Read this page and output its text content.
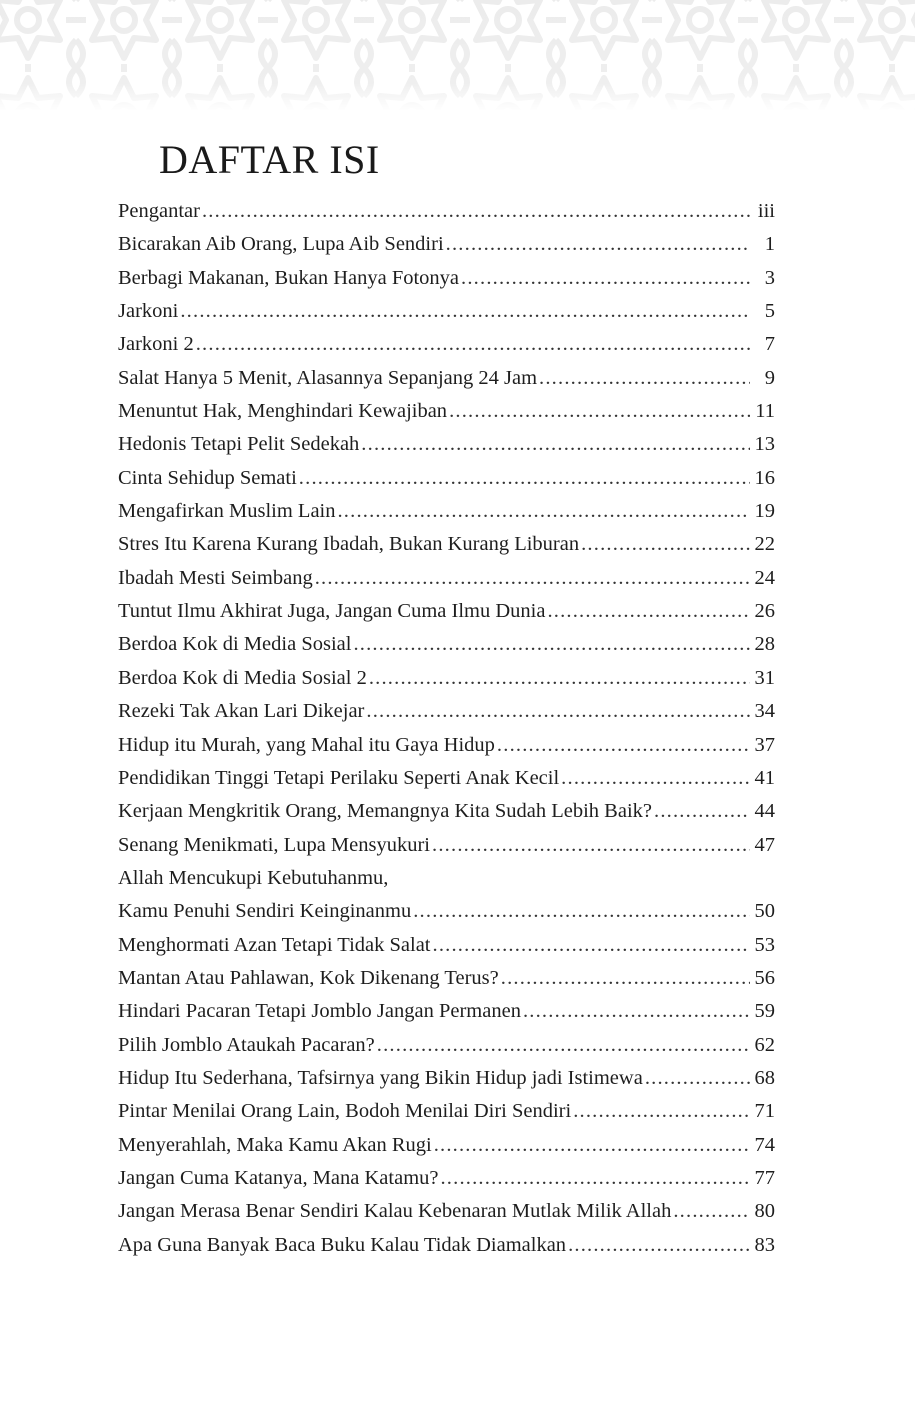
DAFTAR ISI
Pengantar .....	iii
Bicarakan Aib Orang, Lupa Aib Sendiri .....	1
Berbagi Makanan, Bukan Hanya Fotonya .....	3
Jarkoni .....	5
Jarkoni 2 .....	7
Salat Hanya 5 Menit, Alasannya Sepanjang 24 Jam .....	9
Menuntut Hak, Menghindari Kewajiban .....	11
Hedonis Tetapi Pelit Sedekah .....	13
Cinta Sehidup Semati .....	16
Mengafirkan Muslim Lain .....	19
Stres Itu Karena Kurang Ibadah, Bukan Kurang Liburan .....	22
Ibadah Mesti Seimbang .....	24
Tuntut Ilmu Akhirat Juga, Jangan Cuma Ilmu Dunia .....	26
Berdoa Kok di Media Sosial .....	28
Berdoa Kok di Media Sosial 2 .....	31
Rezeki Tak Akan Lari Dikejar .....	34
Hidup itu Murah, yang Mahal itu Gaya Hidup .....	37
Pendidikan Tinggi Tetapi Perilaku Seperti Anak Kecil .....	41
Kerjaan Mengkritik Orang, Memangnya Kita Sudah Lebih Baik? .....	44
Senang Menikmati, Lupa Mensyukuri .....	47
Allah Mencukupi Kebutuhanmu,
Kamu Penuhi Sendiri Keinginanmu .....	50
Menghormati Azan Tetapi Tidak Salat .....	53
Mantan Atau Pahlawan, Kok Dikenang Terus? .....	56
Hindari Pacaran Tetapi Jomblo Jangan Permanen .....	59
Pilih Jomblo Ataukah Pacaran? .....	62
Hidup Itu Sederhana, Tafsirnya yang Bikin Hidup jadi Istimewa .....	68
Pintar Menilai Orang Lain, Bodoh Menilai Diri Sendiri .....	71
Menyerahlah, Maka Kamu Akan Rugi .....	74
Jangan Cuma Katanya, Mana Katamu? .....	77
Jangan Merasa Benar Sendiri Kalau Kebenaran Mutlak Milik Allah .....	80
Apa Guna Banyak Baca Buku Kalau Tidak Diamalkan .....	83
